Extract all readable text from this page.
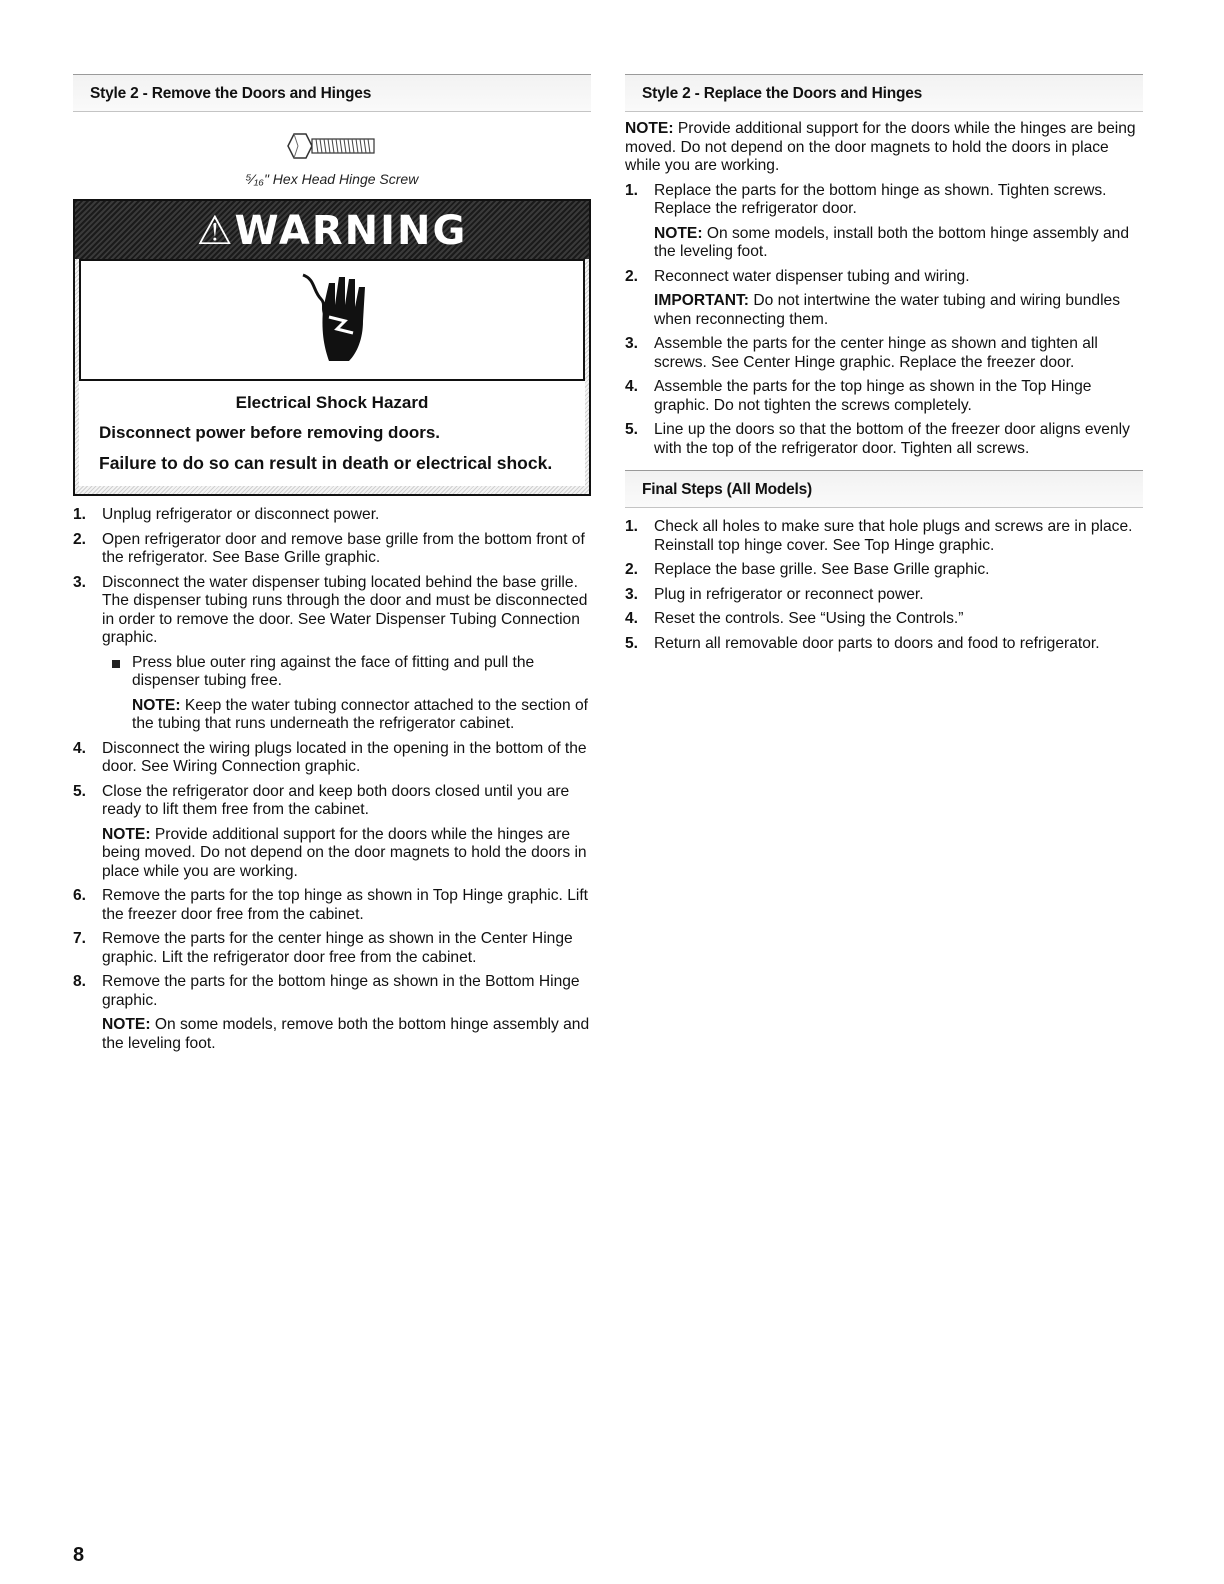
Style 2 - Remove the Doors and Hinges
⁵⁄₁₆" Hex Head Hinge Screw
⚠WARNING
Electrical Shock Hazard
Disconnect power before removing doors.
Failure to do so can result in death or electrical shock.
1. Unplug refrigerator or disconnect power.
2. Open refrigerator door and remove base grille from the bottom front of the refrigerator. See Base Grille graphic.
3. Disconnect the water dispenser tubing located behind the base grille. The dispenser tubing runs through the door and must be disconnected in order to remove the door. See Water Dispenser Tubing Connection graphic.
Press blue outer ring against the face of fitting and pull the dispenser tubing free.
NOTE: Keep the water tubing connector attached to the section of the tubing that runs underneath the refrigerator cabinet.
4. Disconnect the wiring plugs located in the opening in the bottom of the door. See Wiring Connection graphic.
5. Close the refrigerator door and keep both doors closed until you are ready to lift them free from the cabinet.
NOTE: Provide additional support for the doors while the hinges are being moved. Do not depend on the door magnets to hold the doors in place while you are working.
6. Remove the parts for the top hinge as shown in Top Hinge graphic. Lift the freezer door free from the cabinet.
7. Remove the parts for the center hinge as shown in the Center Hinge graphic. Lift the refrigerator door free from the cabinet.
8. Remove the parts for the bottom hinge as shown in the Bottom Hinge graphic.
NOTE: On some models, remove both the bottom hinge assembly and the leveling foot.
Style 2 - Replace the Doors and Hinges
NOTE: Provide additional support for the doors while the hinges are being moved. Do not depend on the door magnets to hold the doors in place while you are working.
1. Replace the parts for the bottom hinge as shown. Tighten screws. Replace the refrigerator door.
NOTE: On some models, install both the bottom hinge assembly and the leveling foot.
2. Reconnect water dispenser tubing and wiring.
IMPORTANT: Do not intertwine the water tubing and wiring bundles when reconnecting them.
3. Assemble the parts for the center hinge as shown and tighten all screws. See Center Hinge graphic. Replace the freezer door.
4. Assemble the parts for the top hinge as shown in the Top Hinge graphic. Do not tighten the screws completely.
5. Line up the doors so that the bottom of the freezer door aligns evenly with the top of the refrigerator door. Tighten all screws.
Final Steps (All Models)
1. Check all holes to make sure that hole plugs and screws are in place. Reinstall top hinge cover. See Top Hinge graphic.
2. Replace the base grille. See Base Grille graphic.
3. Plug in refrigerator or reconnect power.
4. Reset the controls. See “Using the Controls.”
5. Return all removable door parts to doors and food to refrigerator.
8
